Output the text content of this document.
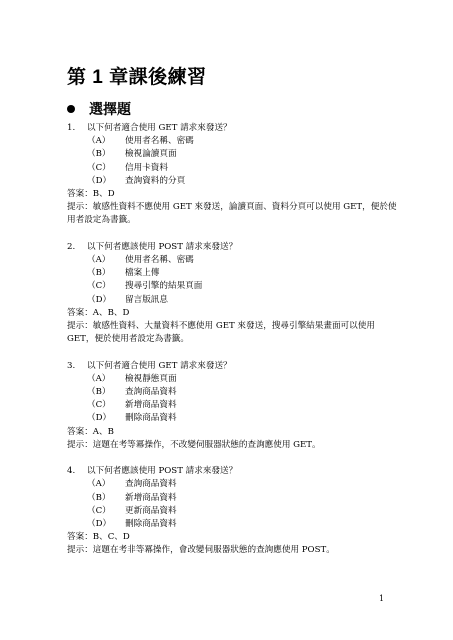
第 1 章課後練習
選擇題
1. 以下何者適合使用 GET 請求來發送？
（A） 使用者名稱、密碼
（B） 檢視論讀頁面
（C） 信用卡資料
（D） 查詢資料的分頁
答案：B、D
提示：敏感性資料不應使用 GET 來發送，論讀頁面、資料分頁可以使用 GET，便於使用者設定為書籤。
2. 以下何者應該使用 POST 請求來發送？
（A） 使用者名稱、密碼
（B） 檔案上傳
（C） 搜尋引擎的結果頁面
（D） 留言版訊息
答案：A、B、D
提示：敏感性資料、大量資料不應使用 GET 來發送，搜尋引擎結果畫面可以使用 GET，便於使用者設定為書籤。
3. 以下何者適合使用 GET 請求來發送？
（A） 檢視靜態頁面
（B） 查詢商品資料
（C） 新增商品資料
（D） 刪除商品資料
答案：A、B
提示：這題在考等冪操作，不改變伺服器狀態的查詢應使用 GET。
4. 以下何者應該使用 POST 請求來發送？
（A） 查詢商品資料
（B） 新增商品資料
（C） 更新商品資料
（D） 刪除商品資料
答案：B、C、D
提示：這題在考非等冪操作，會改變伺服器狀態的查詢應使用 POST。
1
